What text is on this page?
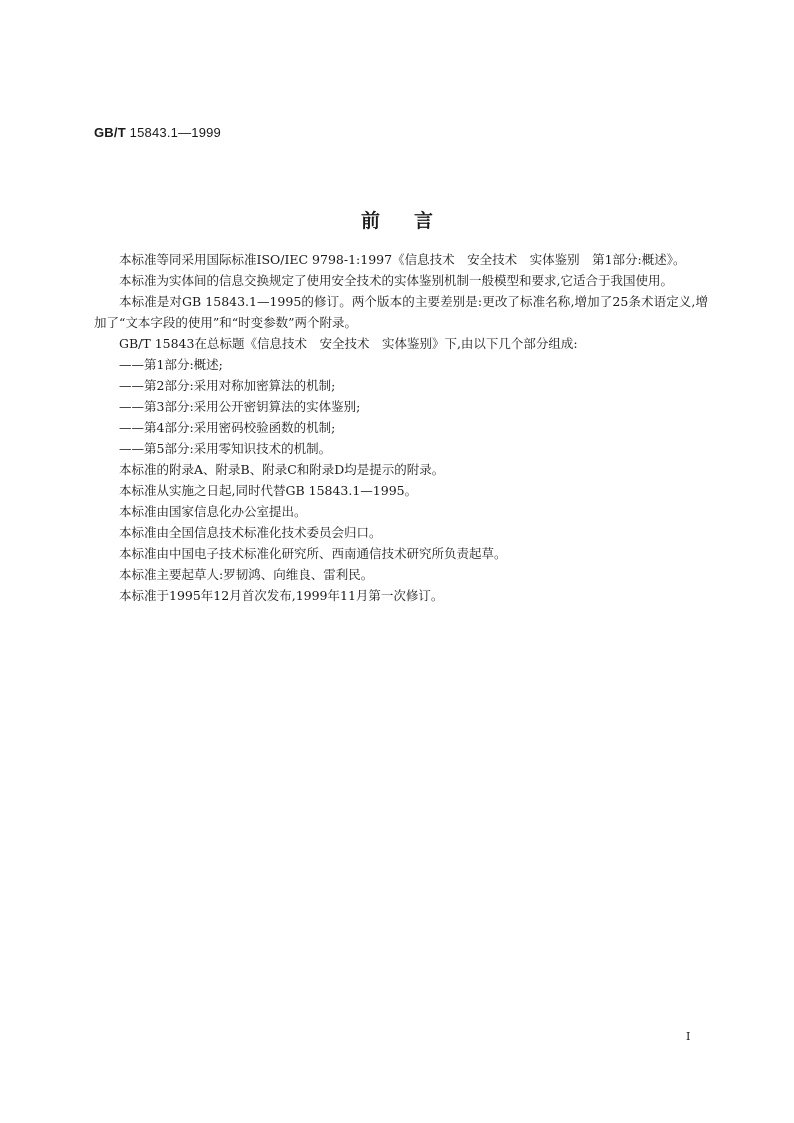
GB/T 15843.1—1999
前言

本标准等同采用国际标准ISO/IEC 9798-1:1997《信息技术　安全技术　实体鉴别　第1部分:概述》。

本标准为实体间的信息交换规定了使用安全技术的实体鉴别机制一般模型和要求,它适合于我国使用。

本标准是对GB 15843.1—1995的修订。两个版本的主要差别是:更改了标准名称,增加了25条术语定义,增加了“文本字段的使用”和“时变参数”两个附录。

GB/T 15843在总标题《信息技术　安全技术　实体鉴别》下,由以下几个部分组成:

——第1部分:概述;
——第2部分:采用对称加密算法的机制;
——第3部分:采用公开密钥算法的实体鉴别;
——第4部分:采用密码校验函数的机制;
——第5部分:采用零知识技术的机制。

本标准的附录A、附录B、附录C和附录D均是提示的附录。

本标准从实施之日起,同时代替GB 15843.1—1995。

本标准由国家信息化办公室提出。

本标准由全国信息技术标准化技术委员会归口。

本标准由中国电子技术标准化研究所、西南通信技术研究所负责起草。

本标准主要起草人:罗韧鸿、向维良、雷利民。

本标准于1995年12月首次发布,1999年11月第一次修订。

I
